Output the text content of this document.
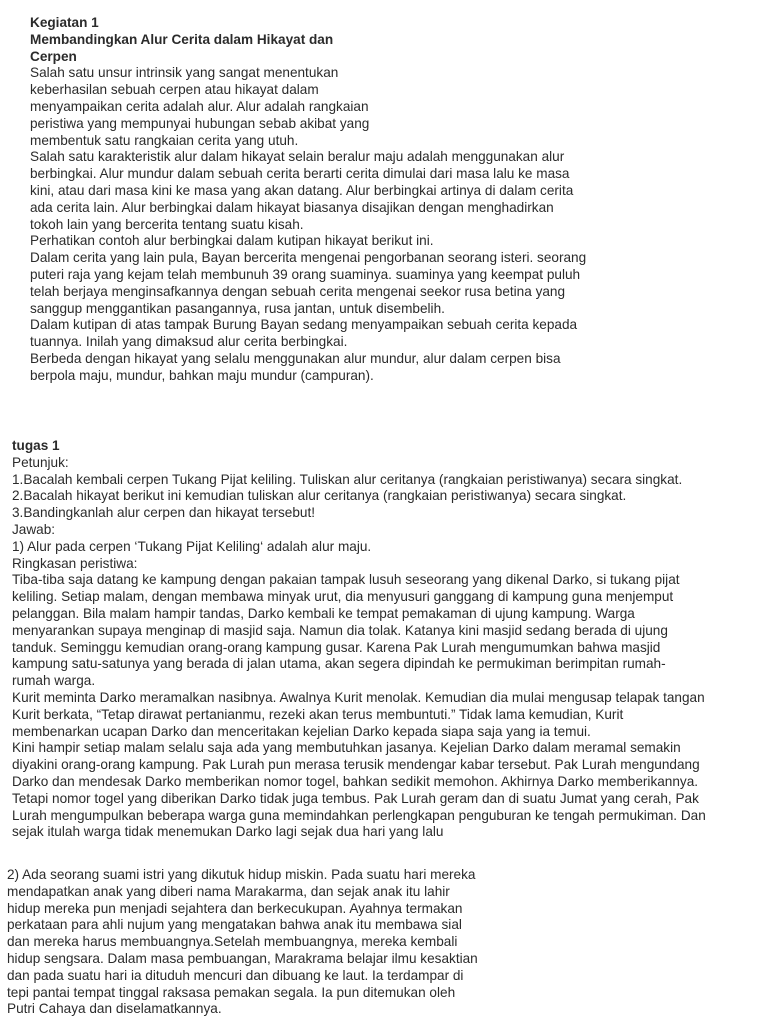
Kegiatan 1
Membandingkan Alur Cerita dalam Hikayat dan
Cerpen
Salah satu unsur intrinsik yang sangat menentukan
keberhasilan sebuah cerpen atau hikayat dalam
menyampaikan cerita adalah alur. Alur adalah rangkaian
peristiwa yang mempunyai hubungan sebab akibat yang
membentuk satu rangkaian cerita yang utuh.
Salah satu karakteristik alur dalam hikayat selain beralur maju adalah menggunakan alur
berbingkai. Alur mundur dalam sebuah cerita berarti cerita dimulai dari masa lalu ke masa
kini, atau dari masa kini ke masa yang akan datang. Alur berbingkai artinya di dalam cerita
ada cerita lain. Alur berbingkai dalam hikayat biasanya disajikan dengan menghadirkan
tokoh lain yang bercerita tentang suatu kisah.
Perhatikan contoh alur berbingkai dalam kutipan hikayat berikut ini.
Dalam cerita yang lain pula, Bayan bercerita mengenai pengorbanan seorang isteri. seorang
puteri raja yang kejam telah membunuh 39 orang suaminya. suaminya yang keempat puluh
telah berjaya menginsafkannya dengan sebuah cerita mengenai seekor rusa betina yang
sanggup menggantikan pasangannya, rusa jantan, untuk disembelih.
Dalam kutipan di atas tampak Burung Bayan sedang menyampaikan sebuah cerita kepada
tuannya. Inilah yang dimaksud alur cerita berbingkai.
Berbeda dengan hikayat yang selalu menggunakan alur mundur, alur dalam cerpen bisa
berpola maju, mundur, bahkan maju mundur (campuran).
tugas 1
Petunjuk:
1.Bacalah kembali cerpen Tukang Pijat keliling. Tuliskan alur ceritanya (rangkaian peristiwanya) secara singkat.
2.Bacalah hikayat berikut ini kemudian tuliskan alur ceritanya (rangkaian peristiwanya) secara singkat.
3.Bandingkanlah alur cerpen dan hikayat tersebut!
Jawab:
1) Alur pada cerpen ‘Tukang Pijat Keliling‘ adalah alur maju.
Ringkasan peristiwa:
Tiba-tiba saja datang ke kampung dengan pakaian tampak lusuh seseorang yang dikenal Darko, si tukang pijat
keliling. Setiap malam, dengan membawa minyak urut, dia menyusuri ganggang di kampung guna menjemput
pelanggan. Bila malam hampir tandas, Darko kembali ke tempat pemakaman di ujung kampung. Warga
menyarankan supaya menginap di masjid saja. Namun dia tolak. Katanya kini masjid sedang berada di ujung
tanduk. Seminggu kemudian orang-orang kampung gusar. Karena Pak Lurah mengumumkan bahwa masjid
kampung satu-satunya yang berada di jalan utama, akan segera dipindah ke permukiman berimpitan rumah-
rumah warga.
Kurit meminta Darko meramalkan nasibnya. Awalnya Kurit menolak. Kemudian dia mulai mengusap telapak tangan
Kurit berkata, “Tetap dirawat pertanianmu, rezeki akan terus membuntuti.” Tidak lama kemudian, Kurit
membenarkan ucapan Darko dan menceritakan kejelian Darko kepada siapa saja yang ia temui.
Kini hampir setiap malam selalu saja ada yang membutuhkan jasanya. Kejelian Darko dalam meramal semakin
diyakini orang-orang kampung. Pak Lurah pun merasa terusik mendengar kabar tersebut. Pak Lurah mengundang
Darko dan mendesak Darko memberikan nomor togel, bahkan sedikit memohon. Akhirnya Darko memberikannya.
Tetapi nomor togel yang diberikan Darko tidak juga tembus. Pak Lurah geram dan di suatu Jumat yang cerah, Pak
Lurah mengumpulkan beberapa warga guna memindahkan perlengkapan penguburan ke tengah permukiman. Dan
sejak itulah warga tidak menemukan Darko lagi sejak dua hari yang lalu
2) Ada seorang suami istri yang dikutuk hidup miskin. Pada suatu hari mereka
mendapatkan anak yang diberi nama Marakarma, dan sejak anak itu lahir
hidup mereka pun menjadi sejahtera dan berkecukupan. Ayahnya termakan
perkataan para ahli nujum yang mengatakan bahwa anak itu membawa sial
dan mereka harus membuangnya.Setelah membuangnya, mereka kembali
hidup sengsara. Dalam masa pembuangan, Marakrama belajar ilmu kesaktian
dan pada suatu hari ia dituduh mencuri dan dibuang ke laut. Ia terdampar di
tepi pantai tempat tinggal raksasa pemakan segala. Ia pun ditemukan oleh
Putri Cahaya dan diselamatkannya.
